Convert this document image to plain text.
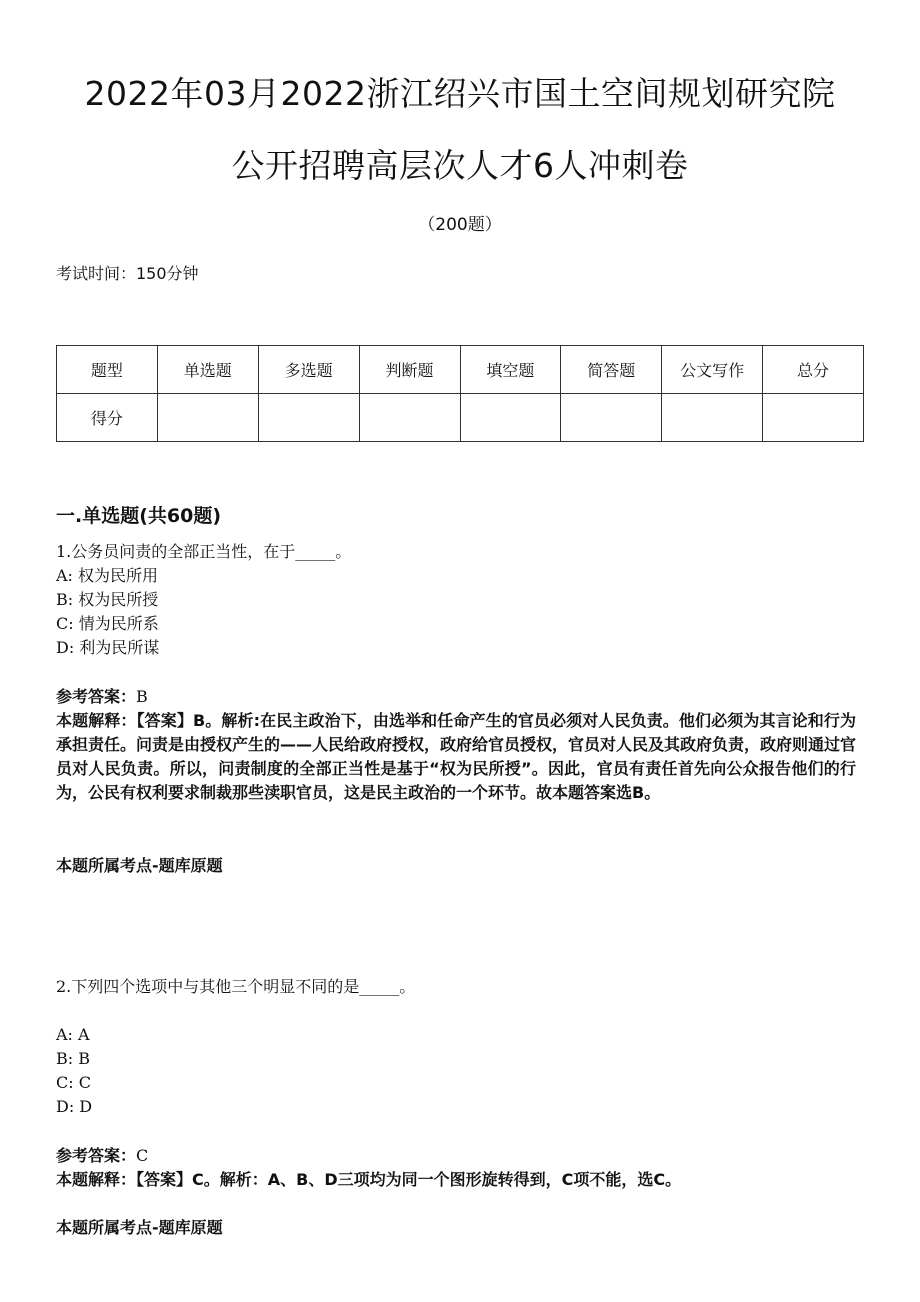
2022年03月2022浙江绍兴市国土空间规划研究院
公开招聘高层次人才6人冲刺卷
（200题）
考试时间：150分钟
题型	单选题	多选题	判断题	填空题	简答题	公文写作	总分
得分							
一.单选题(共60题)
1.公务员问责的全部正当性，在于_____。
A: 权为民所用
B: 权为民所授
C: 情为民所系
D: 利为民所谋
参考答案：B
本题解释：【答案】B。解析:在民主政治下，由选举和任命产生的官员必须对人民负责。他们必须为其言论和行为承担责任。问责是由授权产生的——人民给政府授权，政府给官员授权，官员对人民及其政府负责，政府则通过官员对人民负责。所以，问责制度的全部正当性是基于“权为民所授”。因此，官员有责任首先向公众报告他们的行为，公民有权利要求制裁那些渎职官员，这是民主政治的一个环节。故本题答案选B。
本题所属考点-题库原题
2.下列四个选项中与其他三个明显不同的是_____。
A: A
B: B
C: C
D: D
参考答案：C
本题解释：【答案】C。解析：A、B、D三项均为同一个图形旋转得到，C项不能，选C。
本题所属考点-题库原题
